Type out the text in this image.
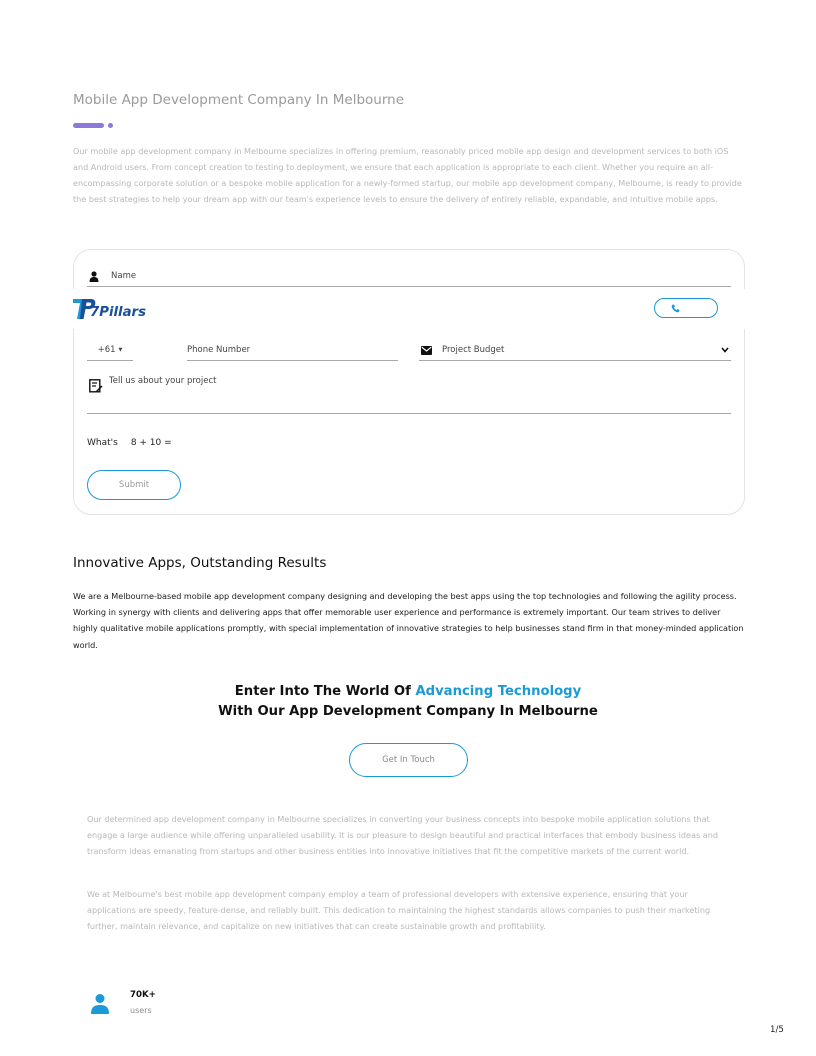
Mobile App Development Company In Melbourne

Our mobile app development company in Melbourne specializes in offering premium, reasonably priced mobile app design and development services to both iOS and Android users. From concept creation to testing to deployment, we ensure that each application is appropriate to each client. Whether you require an all-encompassing corporate solution or a bespoke mobile application for a newly-formed startup, our mobile app development company, Melbourne, is ready to provide the best strategies to help your dream app with our team's experience levels to ensure the delivery of entirely reliable, expandable, and intuitive mobile apps.

Name
+61 ▼	Phone Number	Project Budget
Tell us about your project
What's 8 + 10 =
7Pillars
Submit
Innovative Apps, Outstanding Results

We are a Melbourne-based mobile app development company designing and developing the best apps using the top technologies and following the agility process. Working in synergy with clients and delivering apps that offer memorable user experience and performance is extremely important. Our team strives to deliver highly qualitative mobile applications promptly, with special implementation of innovative strategies to help businesses stand firm in that money-minded application world.

Enter Into The World Of Advancing Technology
With Our App Development Company In Melbourne
Get In Touch

Our determined app development company in Melbourne specializes in converting your business concepts into bespoke mobile application solutions that engage a large audience while offering unparalleled usability. It is our pleasure to design beautiful and practical interfaces that embody business ideas and transform ideas emanating from startups and other business entities into innovative initiatives that fit the competitive markets of the current world.

We at Melbourne's best mobile app development company employ a team of professional developers with extensive experience, ensuring that your applications are speedy, feature-dense, and reliably built. This dedication to maintaining the highest standards allows companies to push their marketing further, maintain relevance, and capitalize on new initiatives that can create sustainable growth and profitability.

70K+
users
1/5
